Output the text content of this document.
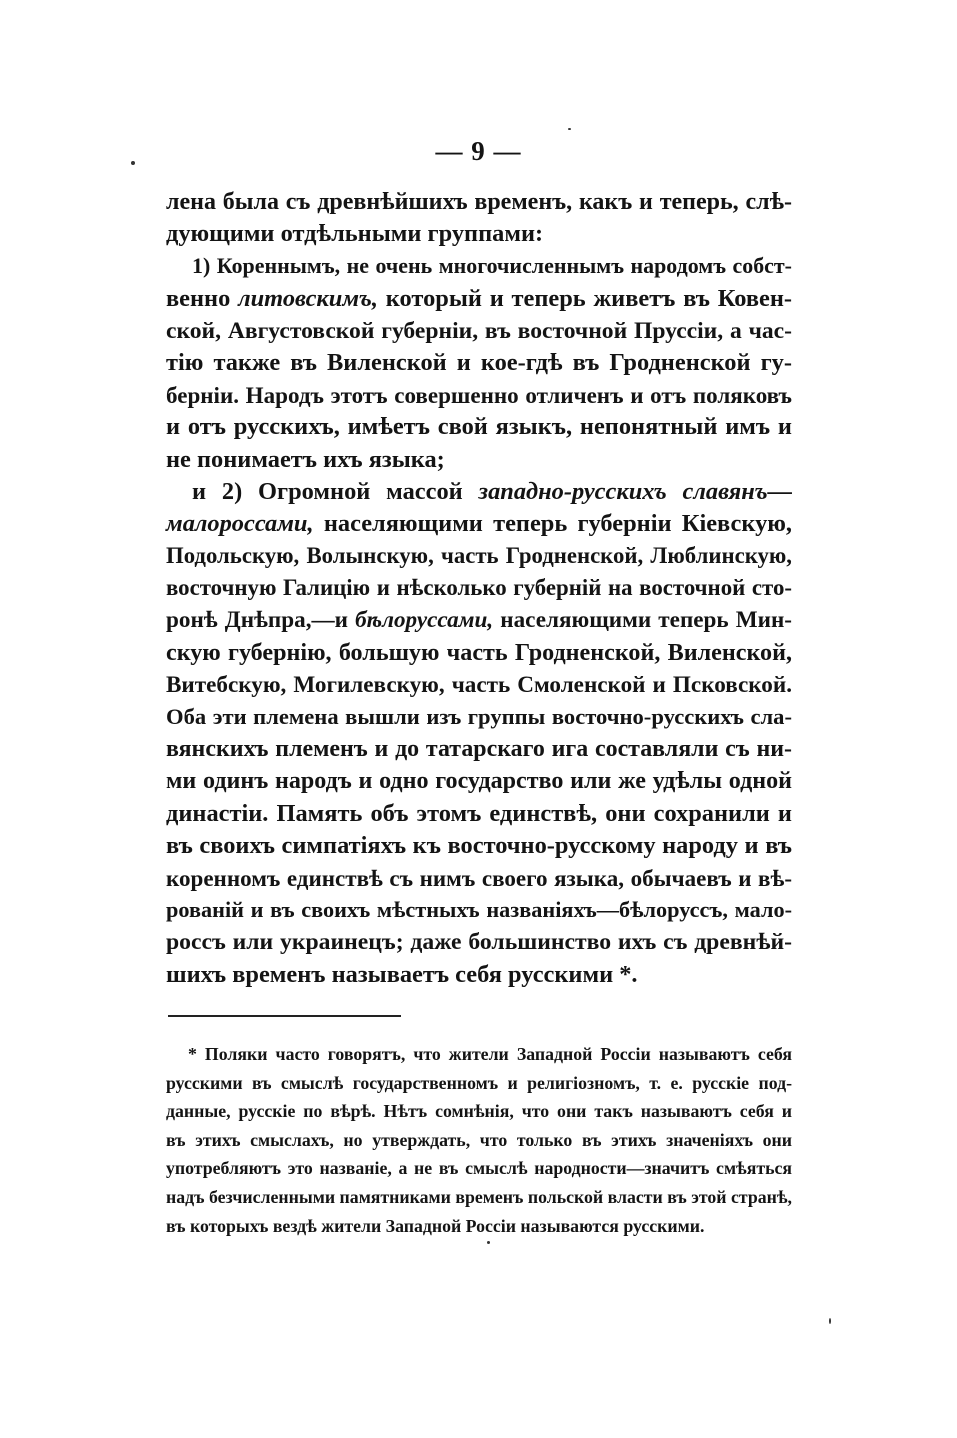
— 9 —
лена была съ древнѣйшихъ временъ, какъ и теперь, слѣ-
дующими отдѣльными группами:
1) Кореннымъ, не очень многочисленнымъ народомъ собст-
венно литовскимъ, который и теперь живетъ въ Ковен-
ской, Августовской губерніи, въ восточной Пруссіи, а час-
тію также въ Виленской и кое-гдѣ въ Гродненской гу-
берніи. Народъ этотъ совершенно отличенъ и отъ поляковъ
и отъ русскихъ, имѣетъ свой языкъ, непонятный имъ и
не понимаетъ ихъ языка;
и 2) Огромной массой западно-русскихъ славянъ—
малороссами, населяющими теперь губерніи Кіевскую,
Подольскую, Волынскую, часть Гродненской, Люблинскую,
восточную Галицію и нѣсколько губерній на восточной сто-
ронѣ Днѣпра,—и бѣлоруссами, населяющими теперь Мин-
скую губернію, большую часть Гродненской, Виленской,
Витебскую, Могилевскую, часть Смоленской и Псковской.
Оба эти племена вышли изъ группы восточно-русскихъ сла-
вянскихъ племенъ и до татарскаго ига составляли съ ни-
ми одинъ народъ и одно государство или же удѣлы одной
династіи. Память объ этомъ единствѣ, они сохранили и
въ своихъ симпатіяхъ къ восточно-русскому народу и въ
коренномъ единствѣ съ нимъ своего языка, обычаевъ и вѣ-
рованій и въ своихъ мѣстныхъ названіяхъ—бѣлоруссъ, мало-
россъ или украинецъ; даже большинство ихъ съ древнѣй-
шихъ временъ называетъ себя русскими *.
* Поляки часто говорятъ, что жители Западной Россіи называютъ себя
русскими въ смыслѣ государственномъ и религіозномъ, т. е. русскіе под-
данные, русскіе по вѣрѣ. Нѣтъ сомнѣнія, что они такъ называютъ себя и
въ этихъ смыслахъ, но утверждать, что только въ этихъ значеніяхъ они
употребляютъ это названіе, а не въ смыслѣ народности—значитъ смѣяться
надъ безчисленными памятниками временъ польской власти въ этой странѣ,
въ которыхъ вездѣ жители Западной Россіи называются русскими.
